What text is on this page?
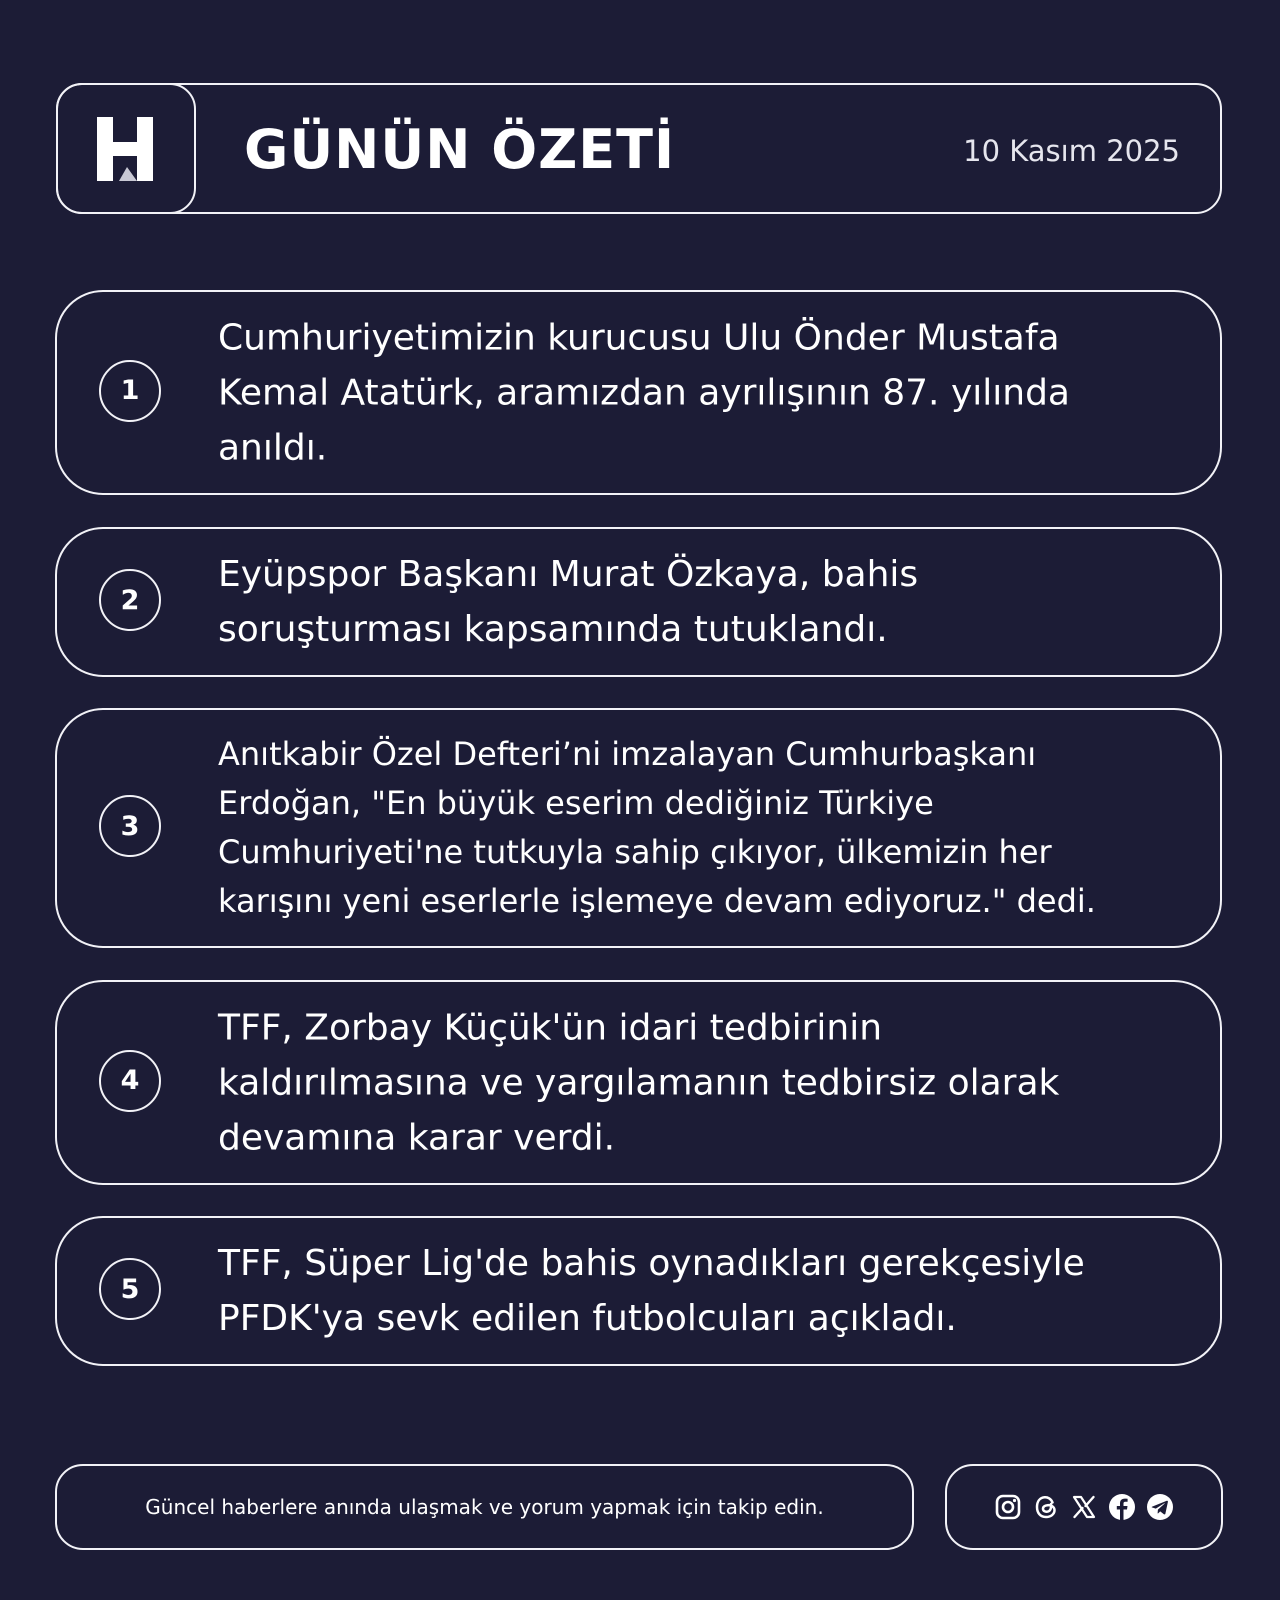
GÜNÜN ÖZETİ	10 Kasım 2025
1
Cumhuriyetimizin kurucusu Ulu Önder Mustafa
Kemal Atatürk, aramızdan ayrılışının 87. yılında
anıldı.
2
Eyüpspor Başkanı Murat Özkaya, bahis
soruşturması kapsamında tutuklandı.
3
Anıtkabir Özel Defteri’ni imzalayan Cumhurbaşkanı
Erdoğan, "En büyük eserim dediğiniz Türkiye
Cumhuriyeti'ne tutkuyla sahip çıkıyor, ülkemizin her
karışını yeni eserlerle işlemeye devam ediyoruz." dedi.
4
TFF, Zorbay Küçük'ün idari tedbirinin
kaldırılmasına ve yargılamanın tedbirsiz olarak
devamına karar verdi.
5
TFF, Süper Lig'de bahis oynadıkları gerekçesiyle
PFDK'ya sevk edilen futbolcuları açıkladı.
Güncel haberlere anında ulaşmak ve yorum yapmak için takip edin.
